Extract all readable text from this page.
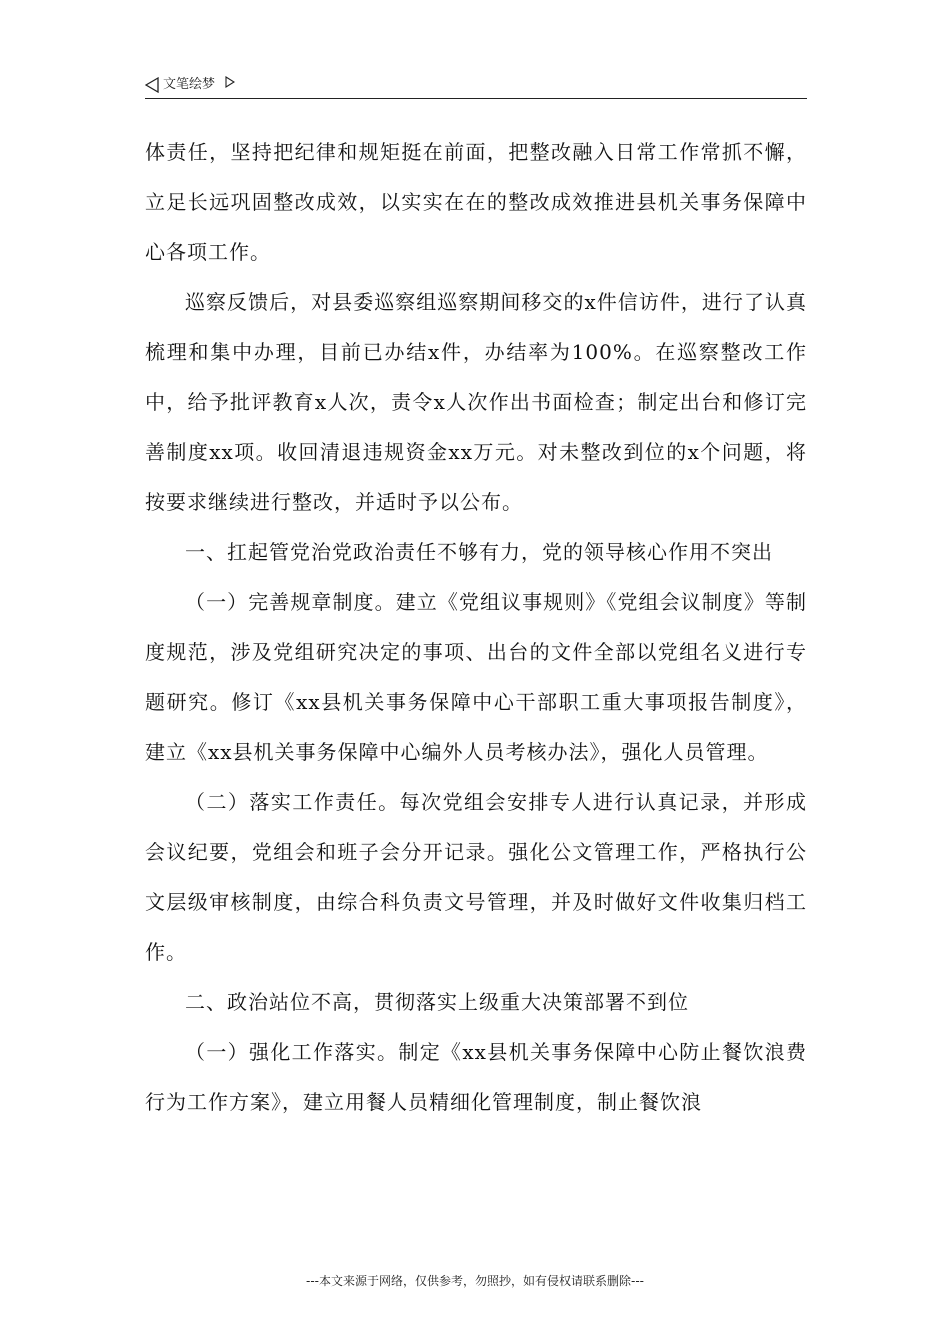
文笔绘梦

体责任，坚持把纪律和规矩挺在前面，把整改融入日常工作常抓不懈，立足长远巩固整改成效，以实实在在的整改成效推进县机关事务保障中心各项工作。

巡察反馈后，对县委巡察组巡察期间移交的x件信访件，进行了认真梳理和集中办理，目前已办结x件，办结率为100%。在巡察整改工作中，给予批评教育x人次，责令x人次作出书面检查；制定出台和修订完善制度xx项。收回清退违规资金xx万元。对未整改到位的x个问题，将按要求继续进行整改，并适时予以公布。

一、扛起管党治党政治责任不够有力，党的领导核心作用不突出

（一）完善规章制度。建立《党组议事规则》《党组会议制度》等制度规范，涉及党组研究决定的事项、出台的文件全部以党组名义进行专题研究。修订《xx县机关事务保障中心干部职工重大事项报告制度》，建立《xx县机关事务保障中心编外人员考核办法》，强化人员管理。

（二）落实工作责任。每次党组会安排专人进行认真记录，并形成会议纪要，党组会和班子会分开记录。强化公文管理工作，严格执行公文层级审核制度，由综合科负责文号管理，并及时做好文件收集归档工作。

二、政治站位不高，贯彻落实上级重大决策部署不到位

（一）强化工作落实。制定《xx县机关事务保障中心防止餐饮浪费行为工作方案》，建立用餐人员精细化管理制度，制止餐饮浪

---本文来源于网络，仅供参考，勿照抄，如有侵权请联系删除---
